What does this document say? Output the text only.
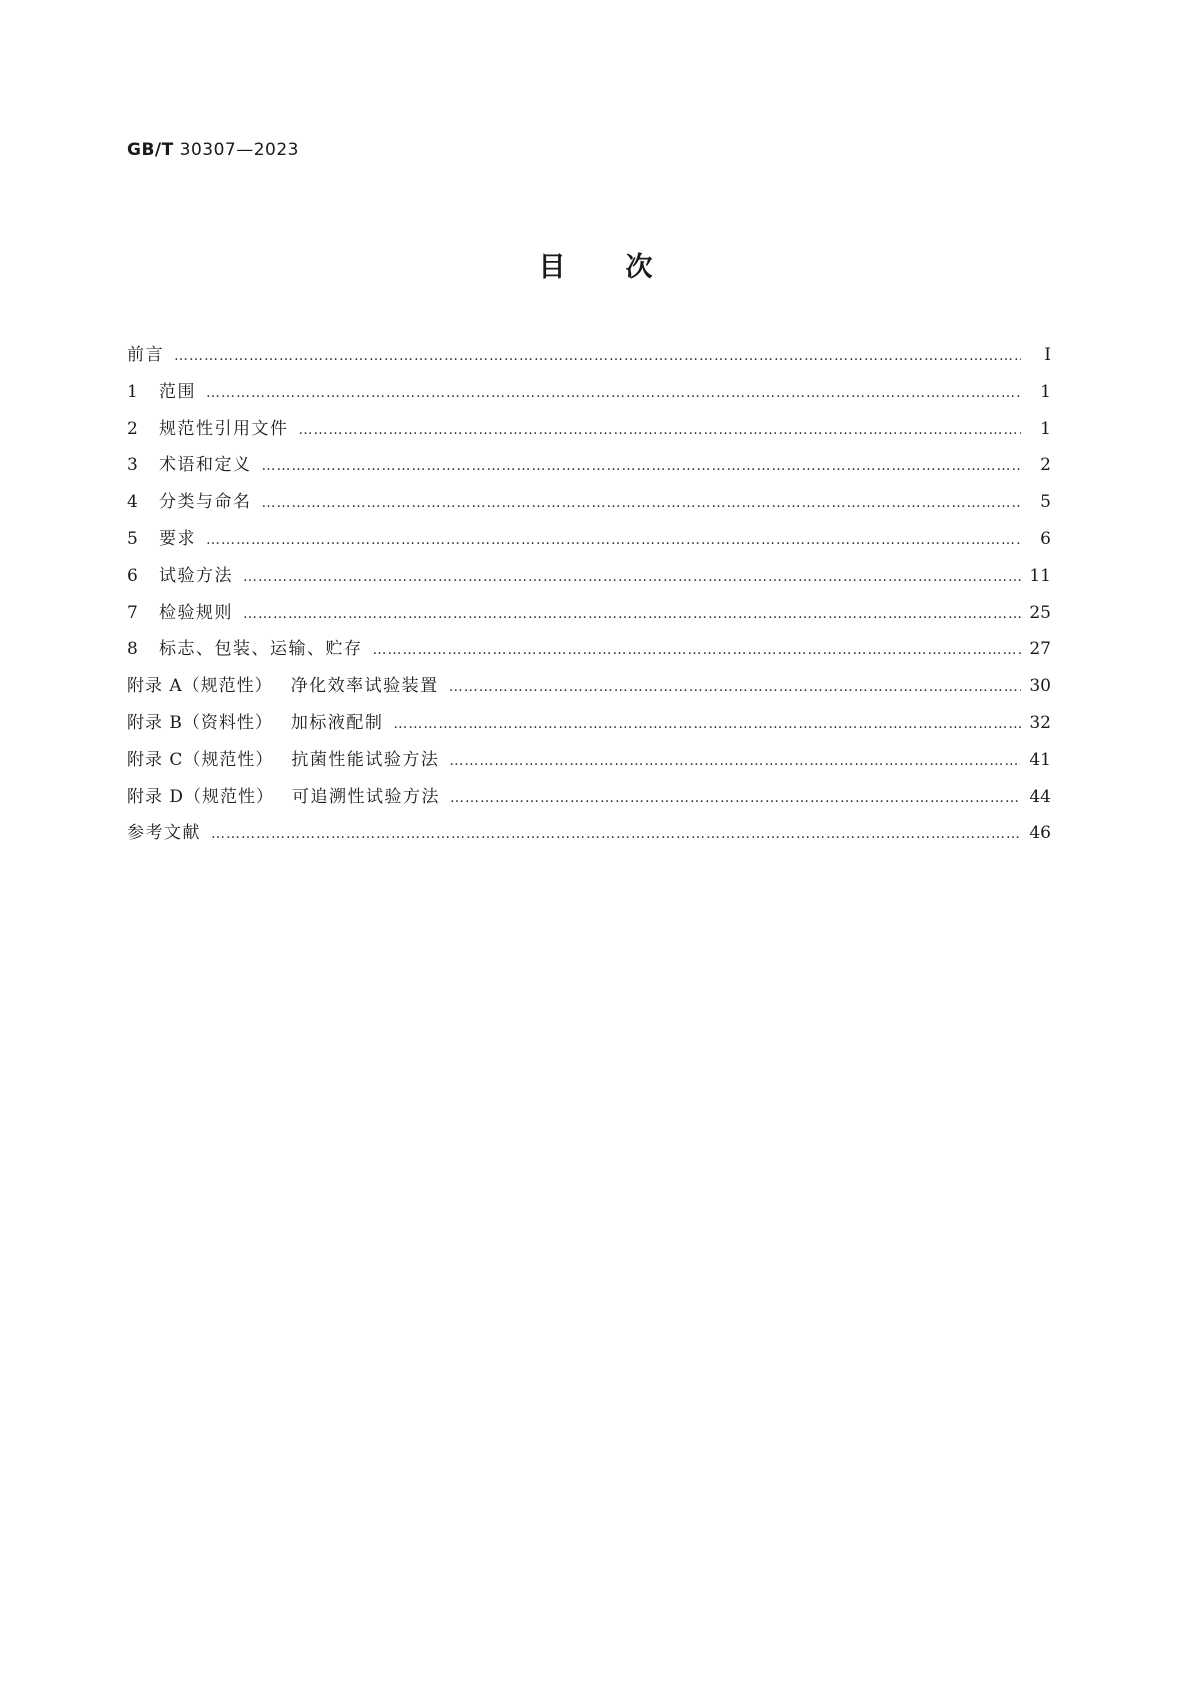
GB/T 30307—2023
目次
前言 ……………………………………………………………………………………………………………………………………………………………………………………………………………………………………………	Ⅰ
1	范围 ……………………………………………………………………………………………………………………………………………………………………………………………………………………………………………	1
2	规范性引用文件 ……………………………………………………………………………………………………………………………………………………………………………………………………………………………………………	1
3	术语和定义 ……………………………………………………………………………………………………………………………………………………………………………………………………………………………………………	2
4	分类与命名 ……………………………………………………………………………………………………………………………………………………………………………………………………………………………………………	5
5	要求 ……………………………………………………………………………………………………………………………………………………………………………………………………………………………………………	6
6	试验方法 ……………………………………………………………………………………………………………………………………………………………………………………………………………………………………………	11
7	检验规则 ……………………………………………………………………………………………………………………………………………………………………………………………………………………………………………	25
8	标志、包装、运输、贮存 ……………………………………………………………………………………………………………………………………………………………………………………………………………………………………………	27
附录 A（规范性） 净化效率试验装置 ……………………………………………………………………………………………………………………………………………………………………………………………………………………………………………	30
附录 B（资料性） 加标液配制 ……………………………………………………………………………………………………………………………………………………………………………………………………………………………………………	32
附录 C（规范性） 抗菌性能试验方法 ……………………………………………………………………………………………………………………………………………………………………………………………………………………………………………	41
附录 D（规范性） 可追溯性试验方法 ……………………………………………………………………………………………………………………………………………………………………………………………………………………………………………	44
参考文献 ……………………………………………………………………………………………………………………………………………………………………………………………………………………………………………	46
